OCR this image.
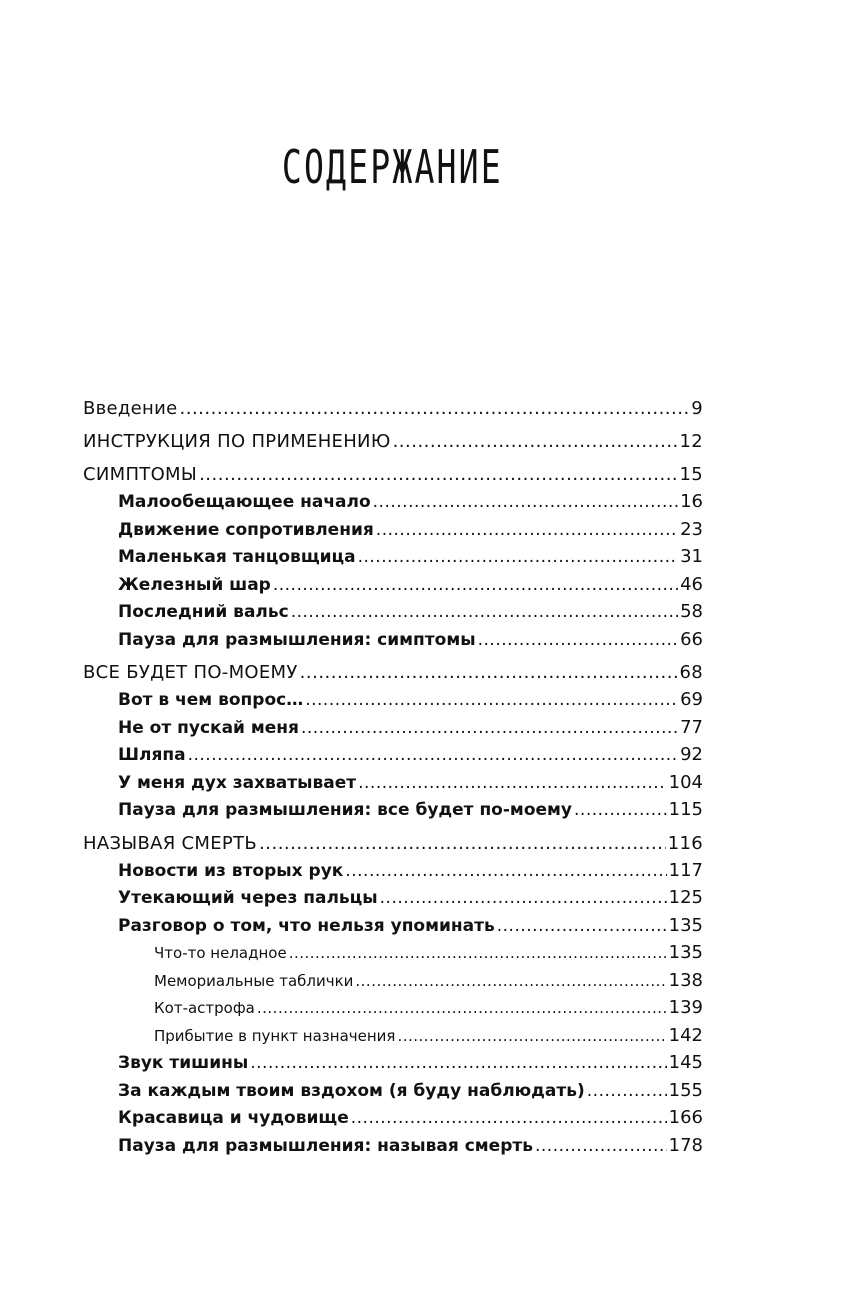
СОДЕРЖАНИЕ
Введение .....	9
ИНСТРУКЦИЯ ПО ПРИМЕНЕНИЮ .....	12
СИМПТОМЫ .....	15
Малообещающее начало .....	16
Движение сопротивления .....	23
Маленькая танцовщица .....	31
Железный шар .....	46
Последний вальс .....	58
Пауза для размышления: симптомы .....	66
ВСЕ БУДЕТ ПО-МОЕМУ .....	68
Вот в чем вопрос… .....	69
Не от пускай меня .....	77
Шляпа .....	92
У меня дух захватывает .....	104
Пауза для размышления: все будет по-моему .....	115
НАЗЫВАЯ СМЕРТЬ .....	116
Новости из вторых рук .....	117
Утекающий через пальцы .....	125
Разговор о том, что нельзя упоминать .....	135
Что-то неладное .....	135
Мемориальные таблички .....	138
Кот-астрофа .....	139
Прибытие в пункт назначения .....	142
Звук тишины .....	145
За каждым твоим вздохом (я буду наблюдать) .....	155
Красавица и чудовище .....	166
Пауза для размышления: называя смерть .....	178
